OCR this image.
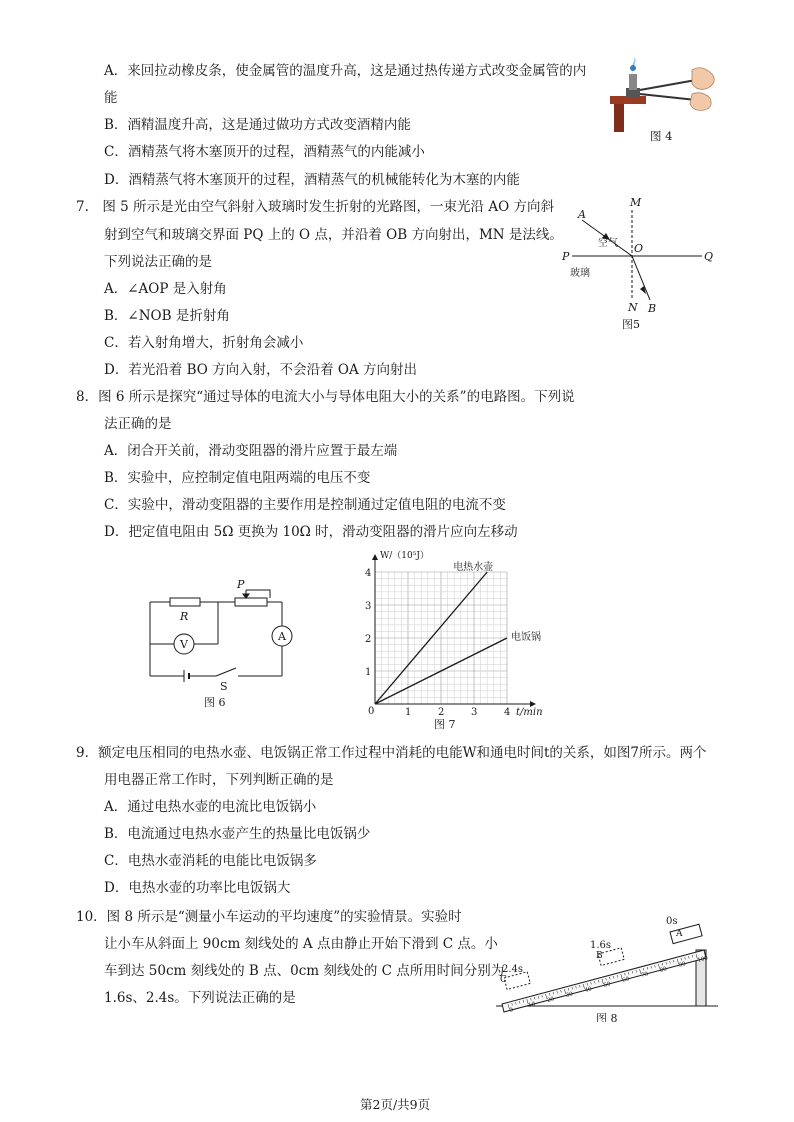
A．来回拉动橡皮条，使金属管的温度升高，这是通过热传递方式改变金属管的内
能
B．酒精温度升高，这是通过做功方式改变酒精内能
C．酒精蒸气将木塞顶开的过程，酒精蒸气的内能减小
D．酒精蒸气将木塞顶开的过程，酒精蒸气的机械能转化为木塞的内能
图 4
7.　图 5 所示是光由空气斜射入玻璃时发生折射的光路图，一束光沿 AO 方向斜
射到空气和玻璃交界面 PQ 上的 O 点，并沿着 OB 方向射出，MN 是法线。
下列说法正确的是
A．∠AOP 是入射角
B．∠NOB 是折射角
C．若入射角增大，折射角会减小
D．若光沿着 BO 方向入射，不会沿着 OA 方向射出
M
N
A
B
O
P	Q
空气
玻璃
图5
8．图 6 所示是探究“通过导体的电流大小与导体电阻大小的关系”的电路图。下列说
法正确的是
A．闭合开关前，滑动变阻器的滑片应置于最左端
B．实验中，应控制定值电阻两端的电压不变
C．实验中，滑动变阻器的主要作用是控制通过定值电阻的电流不变
D．把定值电阻由 5Ω 更换为 10Ω 时，滑动变阻器的滑片应向左移动
R
P
V
A
S
图 6
1	2	3	4
1
2
3
4
电热水壶
电饭锅
0	t/min
W/（10⁵J）
图 7
9．额定电压相同的电热水壶、电饭锅正常工作过程中消耗的电能W和通电时间t的关系，如图7所示。两个
用电器正常工作时，下列判断正确的是
A．通过电热水壶的电流比电饭锅小
B．电流通过电热水壶产生的热量比电饭锅少
C．电热水壶消耗的电能比电饭锅多
D．电热水壶的功率比电饭锅大
10．图 8 所示是“测量小车运动的平均速度”的实验情景。实验时
让小车从斜面上 90cm 刻线处的 A 点由静止开始下滑到 C 点。小
车到达 50cm 刻线处的 B 点、0cm 刻线处的 C 点所用时间分别为
1.6s、2.4s。下列说法正确的是
0
10
20
30
40
50
60
70
80
90
100
0s
A
1.6s
B
2.4s
C
图 8
第2页/共9页
